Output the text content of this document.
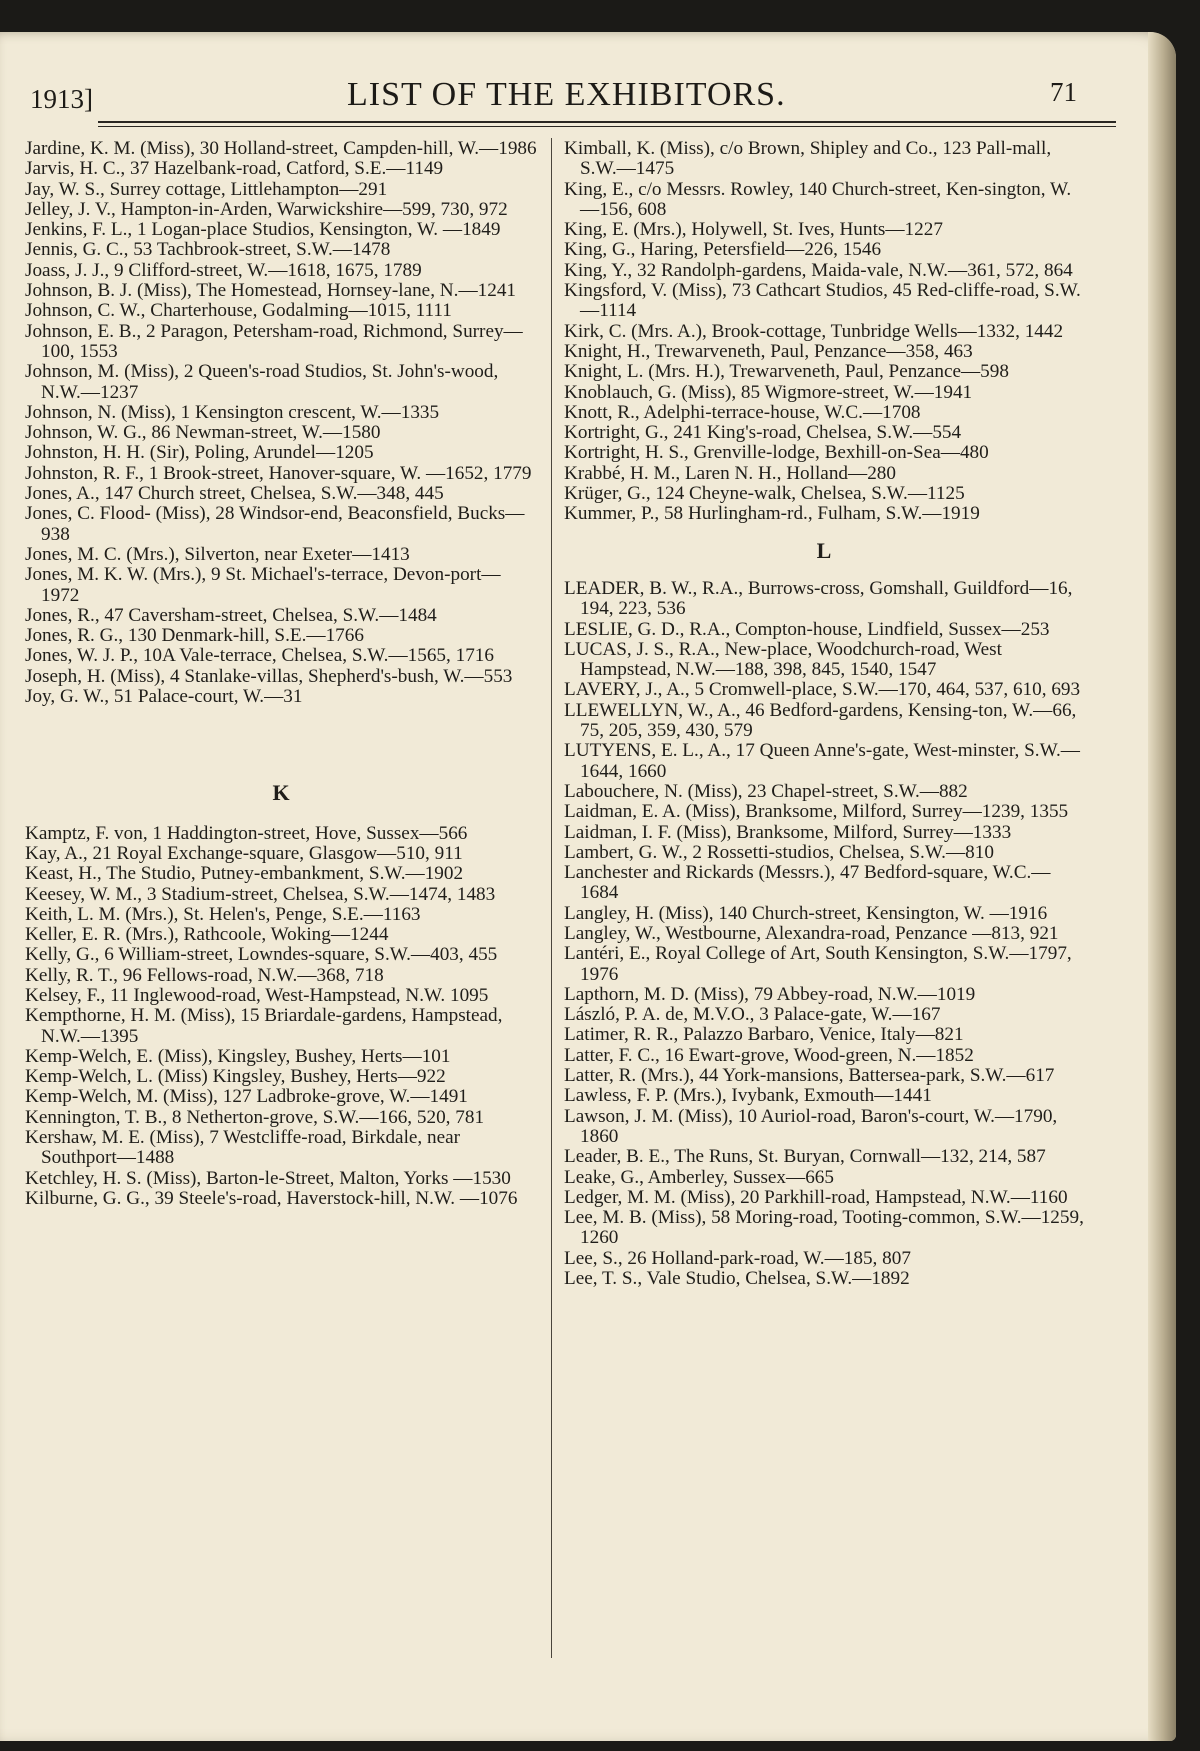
1913]	LIST OF THE EXHIBITORS.	71
Jardine, K. M. (Miss), 30 Holland-street, Campden-hill, W.—1986
Jarvis, H. C., 37 Hazelbank-road, Catford, S.E.—1149
Jay, W. S., Surrey cottage, Littlehampton—291
Jelley, J. V., Hampton-in-Arden, Warwickshire—599, 730, 972
Jenkins, F. L., 1 Logan-place Studios, Kensington, W. —1849
Jennis, G. C., 53 Tachbrook-street, S.W.—1478
Joass, J. J., 9 Clifford-street, W.—1618, 1675, 1789
Johnson, B. J. (Miss), The Homestead, Hornsey-lane, N.—1241
Johnson, C. W., Charterhouse, Godalming—1015, 1111
Johnson, E. B., 2 Paragon, Petersham-road, Richmond, Surrey—100, 1553
Johnson, M. (Miss), 2 Queen's-road Studios, St. John's-wood, N.W.—1237
Johnson, N. (Miss), 1 Kensington crescent, W.—1335
Johnson, W. G., 86 Newman-street, W.—1580
Johnston, H. H. (Sir), Poling, Arundel—1205
Johnston, R. F., 1 Brook-street, Hanover-square, W. —1652, 1779
Jones, A., 147 Church street, Chelsea, S.W.—348, 445
Jones, C. Flood- (Miss), 28 Windsor-end, Beaconsfield, Bucks—938
Jones, M. C. (Mrs.), Silverton, near Exeter—1413
Jones, M. K. W. (Mrs.), 9 St. Michael's-terrace, Devon-port—1972
Jones, R., 47 Caversham-street, Chelsea, S.W.—1484
Jones, R. G., 130 Denmark-hill, S.E.—1766
Jones, W. J. P., 10A Vale-terrace, Chelsea, S.W.—1565, 1716
Joseph, H. (Miss), 4 Stanlake-villas, Shepherd's-bush, W.—553
Joy, G. W., 51 Palace-court, W.—31
K
Kamptz, F. von, 1 Haddington-street, Hove, Sussex—566
Kay, A., 21 Royal Exchange-square, Glasgow—510, 911
Keast, H., The Studio, Putney-embankment, S.W.—1902
Keesey, W. M., 3 Stadium-street, Chelsea, S.W.—1474, 1483
Keith, L. M. (Mrs.), St. Helen's, Penge, S.E.—1163
Keller, E. R. (Mrs.), Rathcoole, Woking—1244
Kelly, G., 6 William-street, Lowndes-square, S.W.—403, 455
Kelly, R. T., 96 Fellows-road, N.W.—368, 718
Kelsey, F., 11 Inglewood-road, West-Hampstead, N.W. 1095
Kempthorne, H. M. (Miss), 15 Briardale-gardens, Hampstead, N.W.—1395
Kemp-Welch, E. (Miss), Kingsley, Bushey, Herts—101
Kemp-Welch, L. (Miss) Kingsley, Bushey, Herts—922
Kemp-Welch, M. (Miss), 127 Ladbroke-grove, W.—1491
Kennington, T. B., 8 Netherton-grove, S.W.—166, 520, 781
Kershaw, M. E. (Miss), 7 Westcliffe-road, Birkdale, near Southport—1488
Ketchley, H. S. (Miss), Barton-le-Street, Malton, Yorks —1530
Kilburne, G. G., 39 Steele's-road, Haverstock-hill, N.W. —1076
Kimball, K. (Miss), c/o Brown, Shipley and Co., 123 Pall-mall, S.W.—1475
King, E., c/o Messrs. Rowley, 140 Church-street, Ken-sington, W.—156, 608
King, E. (Mrs.), Holywell, St. Ives, Hunts—1227
King, G., Haring, Petersfield—226, 1546
King, Y., 32 Randolph-gardens, Maida-vale, N.W.—361, 572, 864
Kingsford, V. (Miss), 73 Cathcart Studios, 45 Red-cliffe-road, S.W.—1114
Kirk, C. (Mrs. A.), Brook-cottage, Tunbridge Wells—1332, 1442
Knight, H., Trewarveneth, Paul, Penzance—358, 463
Knight, L. (Mrs. H.), Trewarveneth, Paul, Penzance—598
Knoblauch, G. (Miss), 85 Wigmore-street, W.—1941
Knott, R., Adelphi-terrace-house, W.C.—1708
Kortright, G., 241 King's-road, Chelsea, S.W.—554
Kortright, H. S., Grenville-lodge, Bexhill-on-Sea—480
Krabbé, H. M., Laren N. H., Holland—280
Krüger, G., 124 Cheyne-walk, Chelsea, S.W.—1125
Kummer, P., 58 Hurlingham-rd., Fulham, S.W.—1919
L
LEADER, B. W., R.A., Burrows-cross, Gomshall, Guildford—16, 194, 223, 536
LESLIE, G. D., R.A., Compton-house, Lindfield, Sussex—253
LUCAS, J. S., R.A., New-place, Woodchurch-road, West Hampstead, N.W.—188, 398, 845, 1540, 1547
LAVERY, J., A., 5 Cromwell-place, S.W.—170, 464, 537, 610, 693
LLEWELLYN, W., A., 46 Bedford-gardens, Kensing-ton, W.—66, 75, 205, 359, 430, 579
LUTYENS, E. L., A., 17 Queen Anne's-gate, West-minster, S.W.—1644, 1660
Labouchere, N. (Miss), 23 Chapel-street, S.W.—882
Laidman, E. A. (Miss), Branksome, Milford, Surrey—1239, 1355
Laidman, I. F. (Miss), Branksome, Milford, Surrey—1333
Lambert, G. W., 2 Rossetti-studios, Chelsea, S.W.—810
Lanchester and Rickards (Messrs.), 47 Bedford-square, W.C.—1684
Langley, H. (Miss), 140 Church-street, Kensington, W. —1916
Langley, W., Westbourne, Alexandra-road, Penzance —813, 921
Lantéri, E., Royal College of Art, South Kensington, S.W.—1797, 1976
Lapthorn, M. D. (Miss), 79 Abbey-road, N.W.—1019
László, P. A. de, M.V.O., 3 Palace-gate, W.—167
Latimer, R. R., Palazzo Barbaro, Venice, Italy—821
Latter, F. C., 16 Ewart-grove, Wood-green, N.—1852
Latter, R. (Mrs.), 44 York-mansions, Battersea-park, S.W.—617
Lawless, F. P. (Mrs.), Ivybank, Exmouth—1441
Lawson, J. M. (Miss), 10 Auriol-road, Baron's-court, W.—1790, 1860
Leader, B. E., The Runs, St. Buryan, Cornwall—132, 214, 587
Leake, G., Amberley, Sussex—665
Ledger, M. M. (Miss), 20 Parkhill-road, Hampstead, N.W.—1160
Lee, M. B. (Miss), 58 Moring-road, Tooting-common, S.W.—1259, 1260
Lee, S., 26 Holland-park-road, W.—185, 807
Lee, T. S., Vale Studio, Chelsea, S.W.—1892
